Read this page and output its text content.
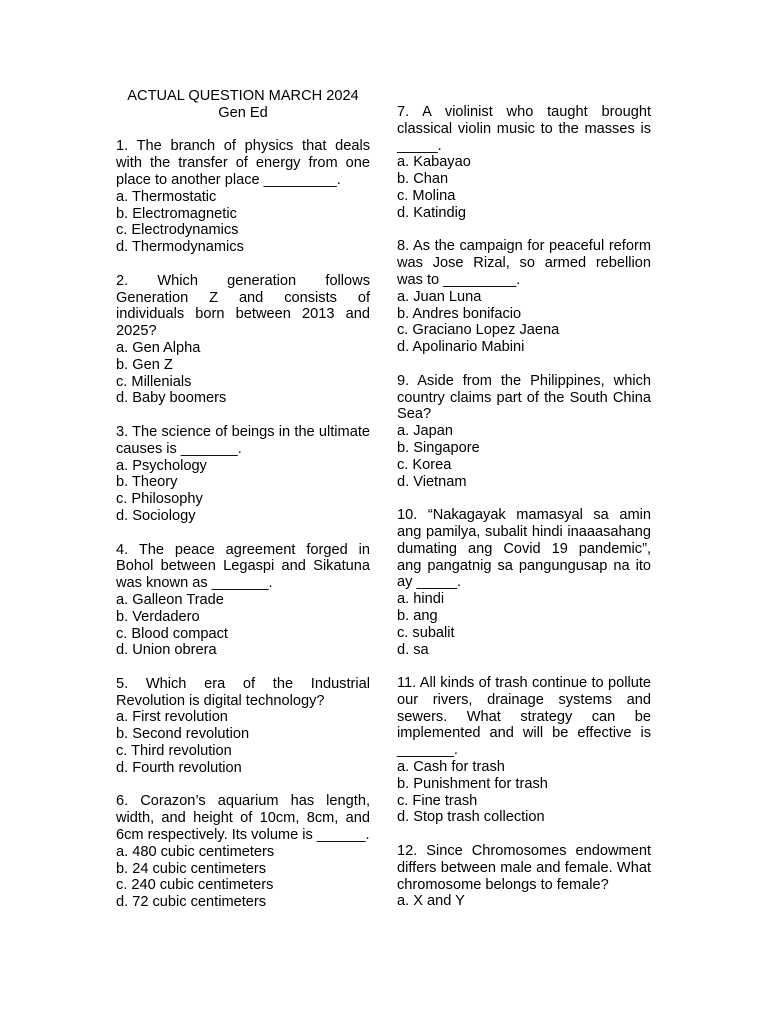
ACTUAL QUESTION MARCH 2024
Gen Ed
1. The branch of physics that deals with the transfer of energy from one place to another place _________.
a. Thermostatic
b. Electromagnetic
c. Electrodynamics
d. Thermodynamics
2. Which generation follows Generation Z and consists of individuals born between 2013 and 2025?
a. Gen Alpha
b. Gen Z
c. Millenials
d. Baby boomers
3. The science of beings in the ultimate causes is _______.
a. Psychology
b. Theory
c. Philosophy
d. Sociology
4. The peace agreement forged in Bohol between Legaspi and Sikatuna was known as _______.
a. Galleon Trade
b. Verdadero
c. Blood compact
d. Union obrera
5. Which era of the Industrial Revolution is digital technology?
a. First revolution
b. Second revolution
c. Third revolution
d. Fourth revolution
6. Corazon’s aquarium has length, width, and height of 10cm, 8cm, and 6cm respectively. Its volume is ______.
a. 480 cubic centimeters
b. 24 cubic centimeters
c. 240 cubic centimeters
d. 72 cubic centimeters
7. A violinist who taught brought classical violin music to the masses is _____.
a. Kabayao
b. Chan
c. Molina
d. Katindig
8. As the campaign for peaceful reform was Jose Rizal, so armed rebellion was to _________.
a. Juan Luna
b. Andres bonifacio
c. Graciano Lopez Jaena
d. Apolinario Mabini
9. Aside from the Philippines, which country claims part of the South China Sea?
a. Japan
b. Singapore
c. Korea
d. Vietnam
10. “Nakagayak mamasyal sa amin ang pamilya, subalit hindi inaaasahang dumating ang Covid 19 pandemic”, ang pangatnig sa pangungusap na ito ay _____.
a. hindi
b. ang
c. subalit
d. sa
11. All kinds of trash continue to pollute our rivers, drainage systems and sewers. What strategy can be implemented and will be effective is _______.
a. Cash for trash
b. Punishment for trash
c. Fine trash
d. Stop trash collection
12. Since Chromosomes endowment differs between male and female. What chromosome belongs to female?
a. X and Y
